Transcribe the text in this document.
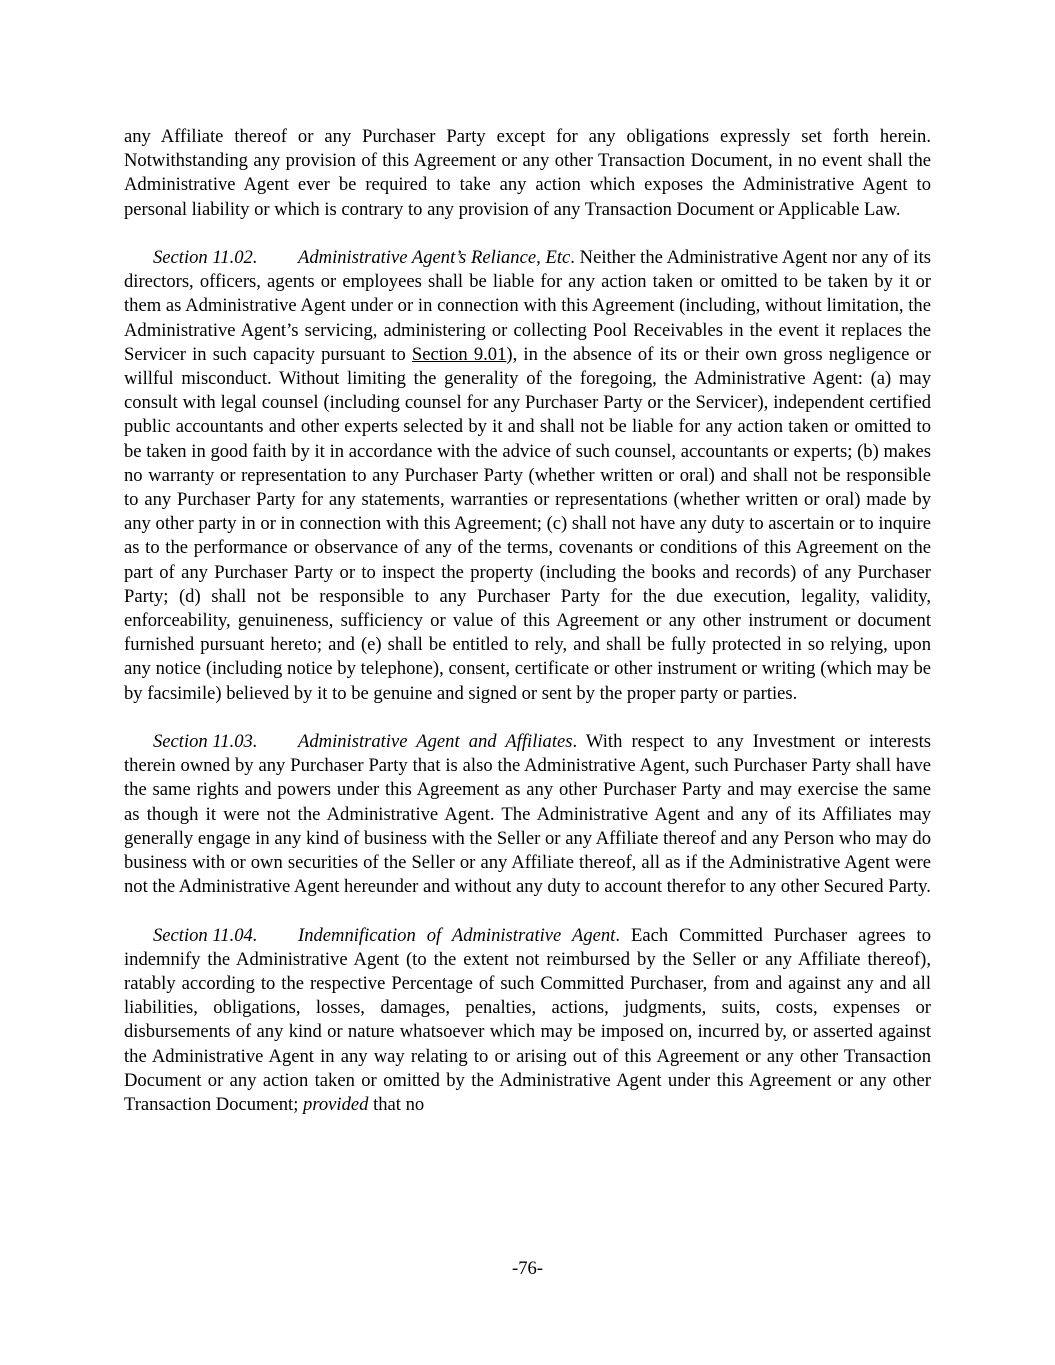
any Affiliate thereof or any Purchaser Party except for any obligations expressly set forth herein. Notwithstanding any provision of this Agreement or any other Transaction Document, in no event shall the Administrative Agent ever be required to take any action which exposes the Administrative Agent to personal liability or which is contrary to any provision of any Transaction Document or Applicable Law.

Section 11.02. Administrative Agent’s Reliance, Etc. Neither the Administrative Agent nor any of its directors, officers, agents or employees shall be liable for any action taken or omitted to be taken by it or them as Administrative Agent under or in connection with this Agreement (including, without limitation, the Administrative Agent’s servicing, administering or collecting Pool Receivables in the event it replaces the Servicer in such capacity pursuant to Section 9.01), in the absence of its or their own gross negligence or willful misconduct. Without limiting the generality of the foregoing, the Administrative Agent: (a) may consult with legal counsel (including counsel for any Purchaser Party or the Servicer), independent certified public accountants and other experts selected by it and shall not be liable for any action taken or omitted to be taken in good faith by it in accordance with the advice of such counsel, accountants or experts; (b) makes no warranty or representation to any Purchaser Party (whether written or oral) and shall not be responsible to any Purchaser Party for any statements, warranties or representations (whether written or oral) made by any other party in or in connection with this Agreement; (c) shall not have any duty to ascertain or to inquire as to the performance or observance of any of the terms, covenants or conditions of this Agreement on the part of any Purchaser Party or to inspect the property (including the books and records) of any Purchaser Party; (d) shall not be responsible to any Purchaser Party for the due execution, legality, validity, enforceability, genuineness, sufficiency or value of this Agreement or any other instrument or document furnished pursuant hereto; and (e) shall be entitled to rely, and shall be fully protected in so relying, upon any notice (including notice by telephone), consent, certificate or other instrument or writing (which may be by facsimile) believed by it to be genuine and signed or sent by the proper party or parties.

Section 11.03. Administrative Agent and Affiliates. With respect to any Investment or interests therein owned by any Purchaser Party that is also the Administrative Agent, such Purchaser Party shall have the same rights and powers under this Agreement as any other Purchaser Party and may exercise the same as though it were not the Administrative Agent. The Administrative Agent and any of its Affiliates may generally engage in any kind of business with the Seller or any Affiliate thereof and any Person who may do business with or own securities of the Seller or any Affiliate thereof, all as if the Administrative Agent were not the Administrative Agent hereunder and without any duty to account therefor to any other Secured Party.

Section 11.04. Indemnification of Administrative Agent. Each Committed Purchaser agrees to indemnify the Administrative Agent (to the extent not reimbursed by the Seller or any Affiliate thereof), ratably according to the respective Percentage of such Committed Purchaser, from and against any and all liabilities, obligations, losses, damages, penalties, actions, judgments, suits, costs, expenses or disbursements of any kind or nature whatsoever which may be imposed on, incurred by, or asserted against the Administrative Agent in any way relating to or arising out of this Agreement or any other Transaction Document or any action taken or omitted by the Administrative Agent under this Agreement or any other Transaction Document; provided that no

-76-
